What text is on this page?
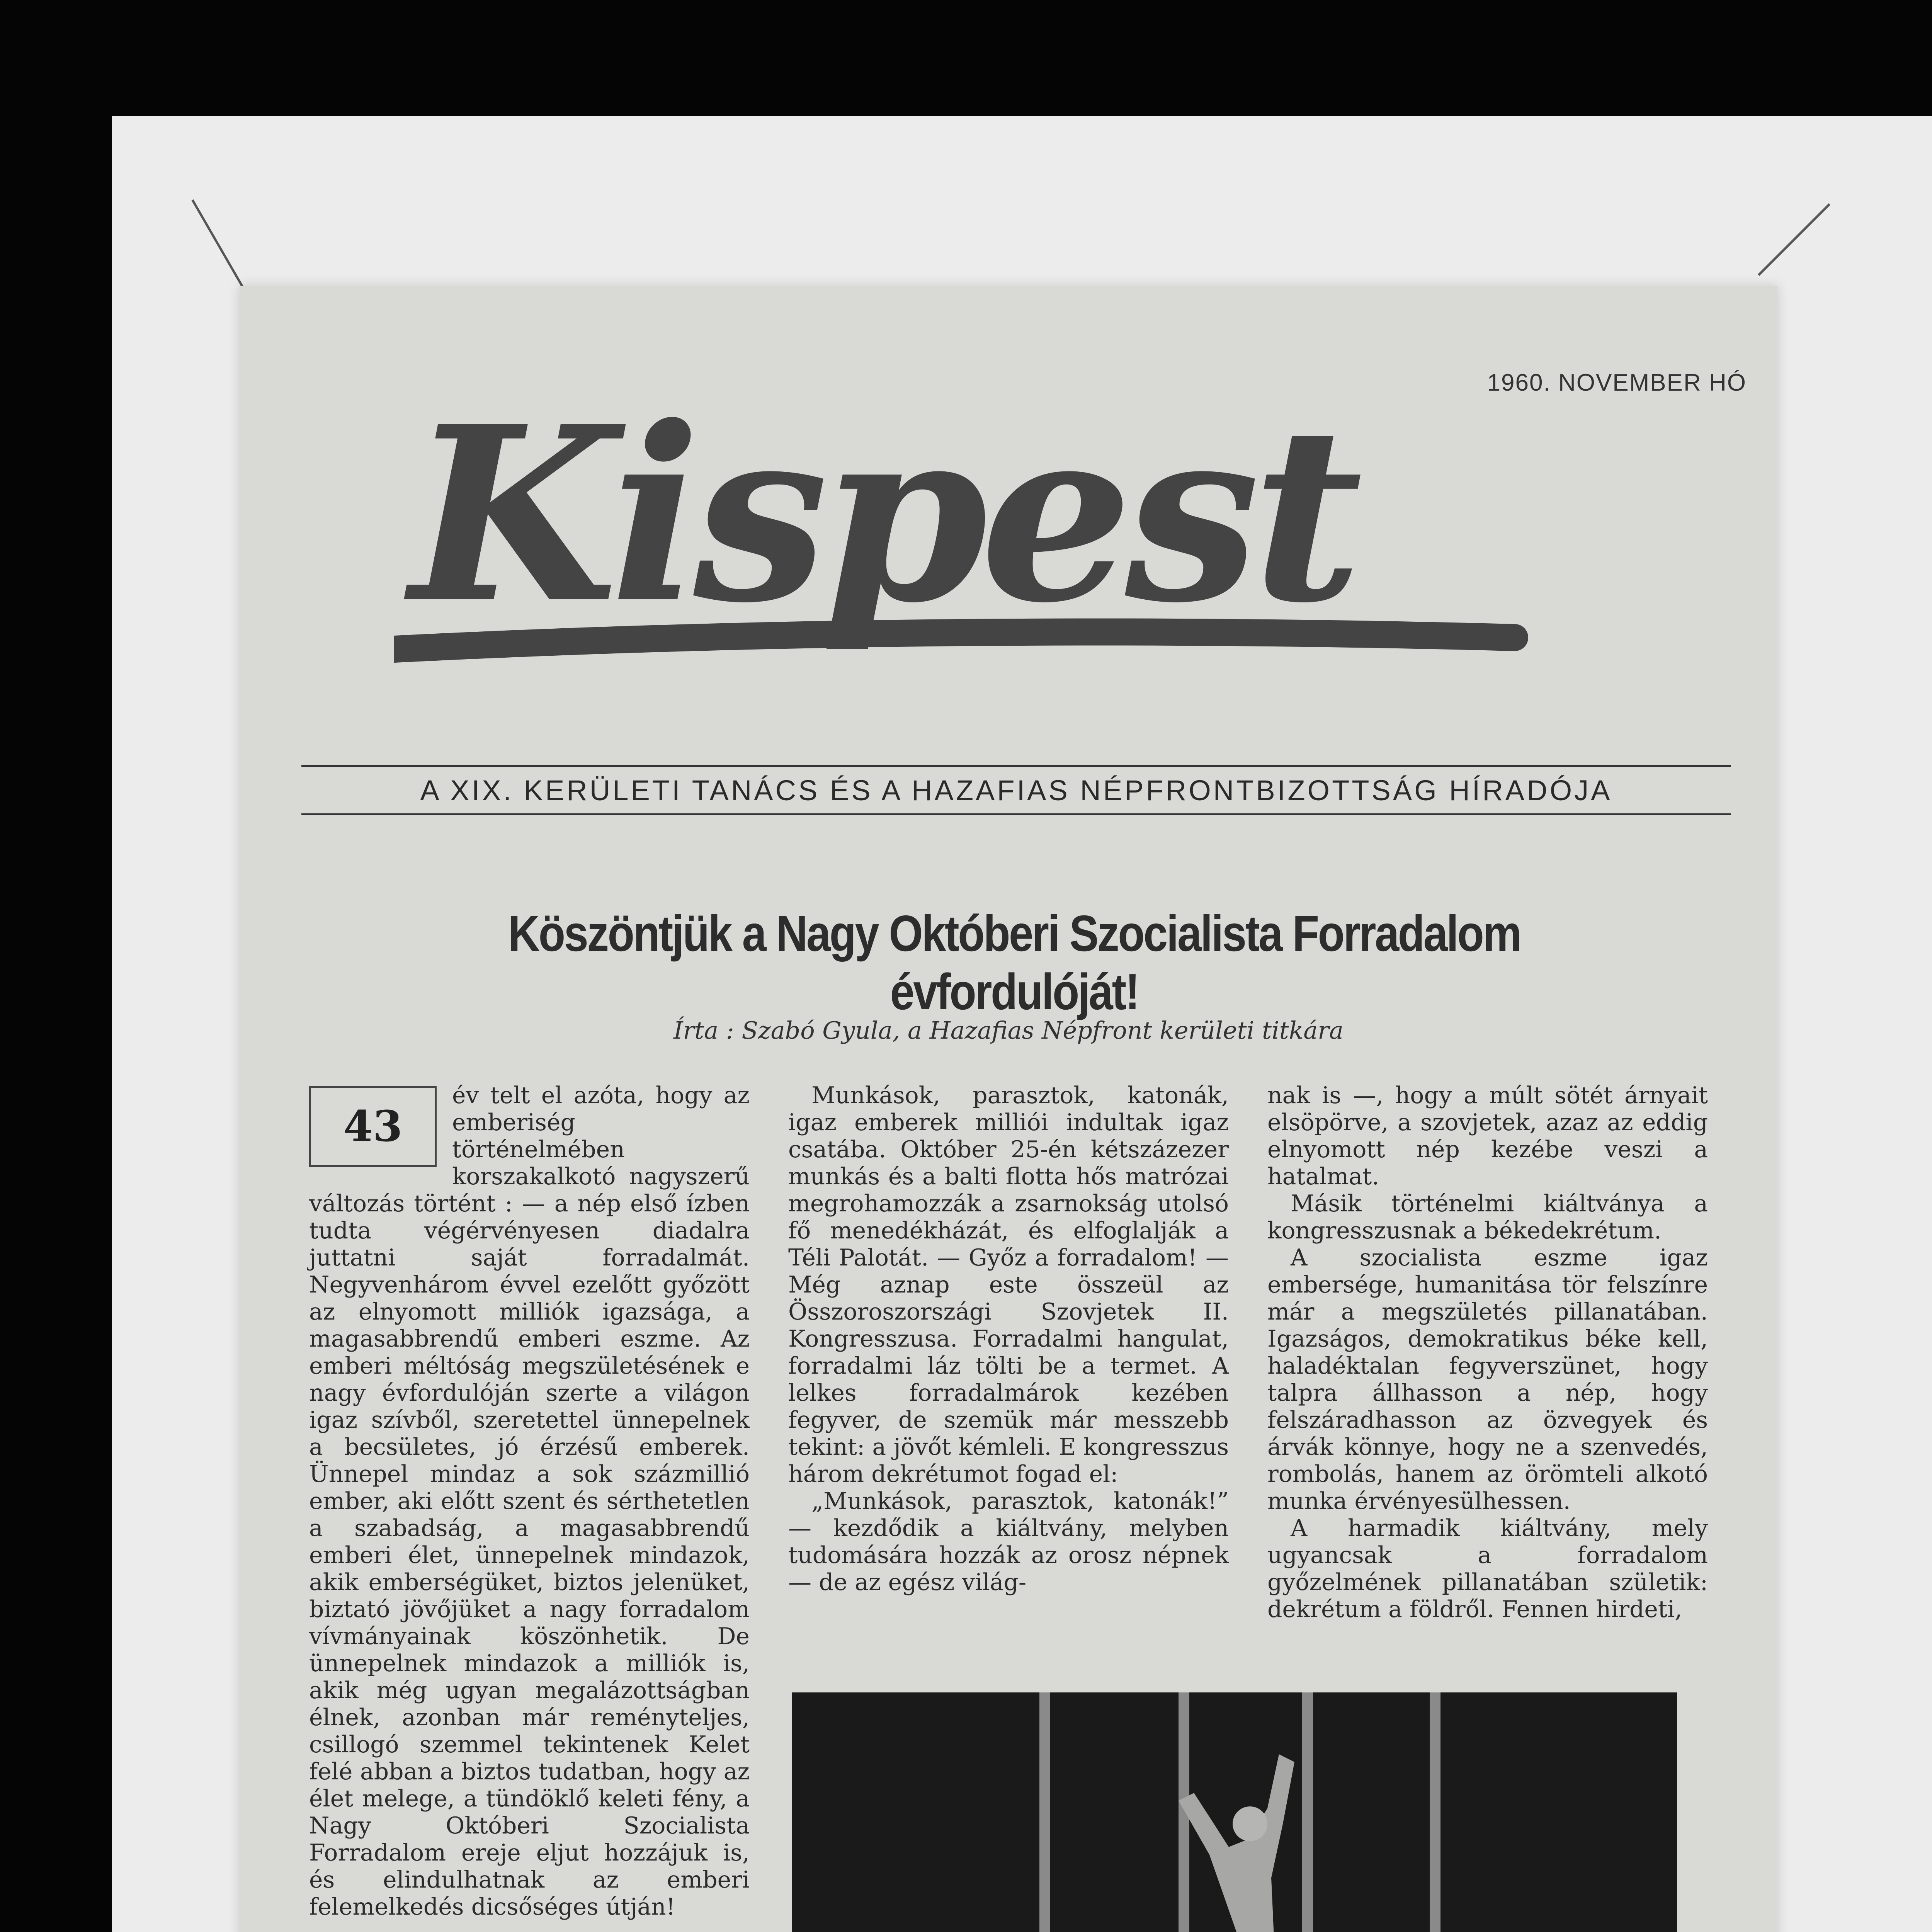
1960. NOVEMBER HÓ
Kispest
A XIX. KERÜLETI TANÁCS ÉS A HAZAFIAS NÉPFRONTBIZOTTSÁG HÍRADÓJA
Köszöntjük a Nagy Októberi Szocialista Forradalom évfordulóját!
Írta : Szabó Gyula, a Hazafias Népfront kerületi titkára
43

év telt el azóta, hogy az emberiség történelmében korszakalkotó nagyszerű változás történt : — a nép első ízben tudta végérvényesen diadalra juttatni saját forradalmát. Negyvenhárom évvel ezelőtt győzött az elnyomott milliók igazsága, a magasabbrendű emberi eszme. Az emberi méltóság megszületésének e nagy évfordulóján szerte a világon igaz szívből, szeretettel ünnepelnek a becsületes, jó érzésű emberek. Ünnepel mindaz a sok százmillió ember, aki előtt szent és sérthetetlen a szabadság, a magasabbrendű emberi élet, ünnepelnek mindazok, akik emberségüket, biztos jelenüket, biztató jövőjüket a nagy forradalom vívmányainak köszönhetik. De ünnepelnek mindazok a milliók is, akik még ugyan megalázottságban élnek, azonban már reményteljes, csillogó szemmel tekintenek Kelet felé abban a biztos tudatban, hogy az élet melege, a tündöklő keleti fény, a Nagy Októberi Szocialista Forradalom ereje eljut hozzájuk is, és elindulhatnak az emberi felemelkedés dicsőséges útján!

Munkások, parasztok, katonák, igaz emberek milliói indultak igaz csatába. Október 25-én kétszázezer munkás és a balti flotta hős matrózai megrohamozzák a zsarnokság utolsó fő menedékházát, és elfoglalják a Téli Palotát. — Győz a forradalom! — Még aznap este összeül az Összoroszországi Szovjetek II. Kongresszusa. Forradalmi hangulat, forradalmi láz tölti be a termet. A lelkes forradalmárok kezében fegyver, de szemük már messzebb tekint: a jövőt kémleli. E kongresszus három dekrétumot fogad el:

„Munkások, parasztok, katonák!” — kezdődik a kiáltvány, melyben tudomására hozzák az orosz népnek — de az egész világ-

nak is —, hogy a múlt sötét árnyait elsöpörve, a szovjetek, azaz az eddig elnyomott nép kezébe veszi a hatalmat.

Másik történelmi kiáltványa a kongresszusnak a békedekrétum.

A szocialista eszme igaz embersége, humanitása tör felszínre már a megszületés pillanatában. Igazságos, demokratikus béke kell, haladéktalan fegyverszünet, hogy talpra állhasson a nép, hogy felszáradhasson az özvegyek és árvák könnye, hogy ne a szenvedés, rombolás, hanem az örömteli alkotó munka érvényesülhessen.

A harmadik kiáltvány, mely ugyancsak a forradalom győzelmének pillanatában születik: dekrétum a földről. Fennen hirdeti,
